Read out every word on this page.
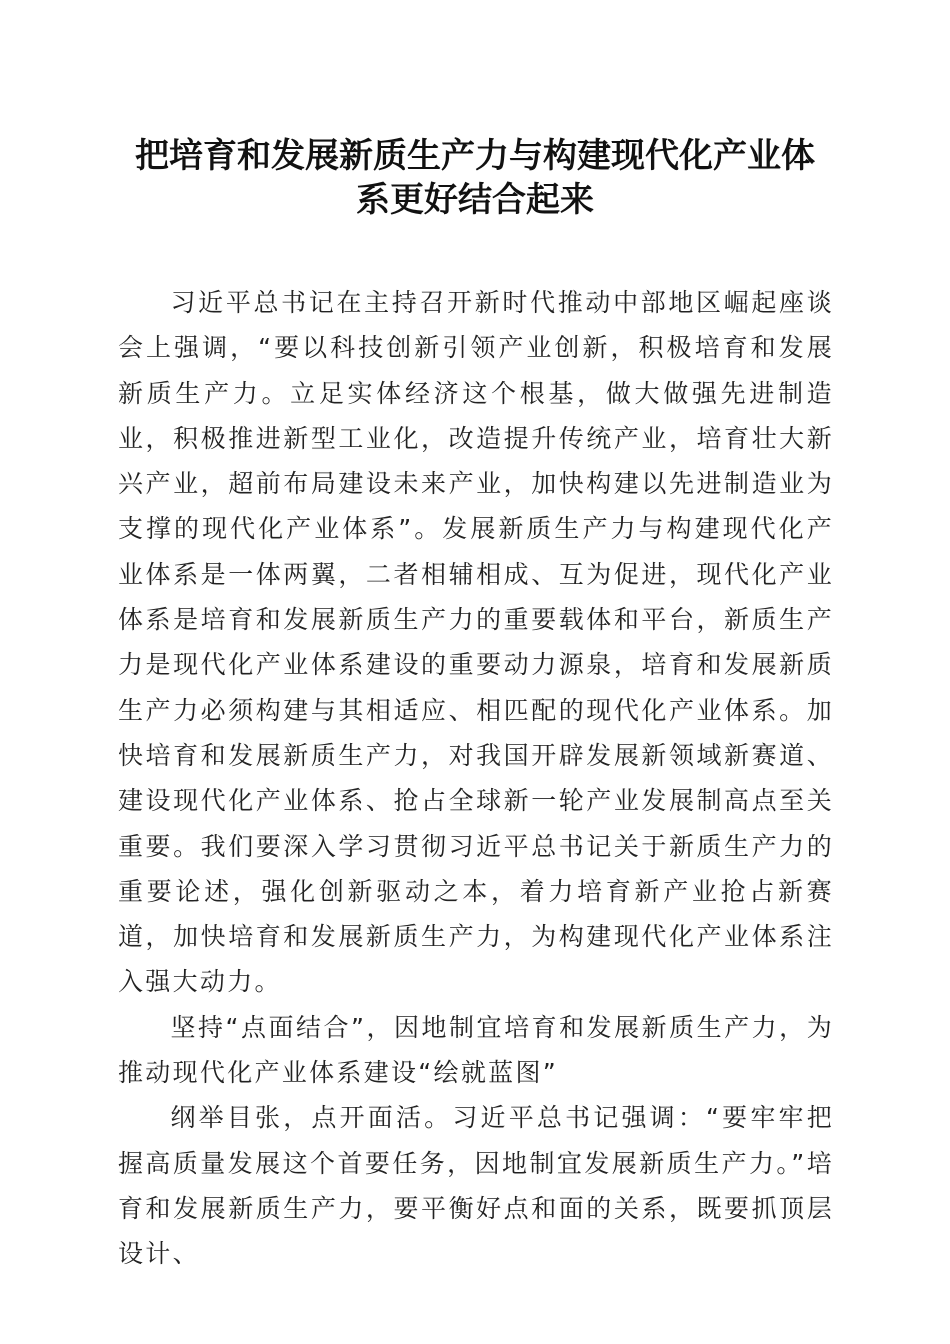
把培育和发展新质生产力与构建现代化产业体
系更好结合起来

习近平总书记在主持召开新时代推动中部地区崛起座谈会上强调，“要以科技创新引领产业创新，积极培育和发展新质生产力。立足实体经济这个根基，做大做强先进制造业，积极推进新型工业化，改造提升传统产业，培育壮大新兴产业，超前布局建设未来产业，加快构建以先进制造业为支撑的现代化产业体系”。发展新质生产力与构建现代化产业体系是一体两翼，二者相辅相成、互为促进，现代化产业体系是培育和发展新质生产力的重要载体和平台，新质生产力是现代化产业体系建设的重要动力源泉，培育和发展新质生产力必须构建与其相适应、相匹配的现代化产业体系。加快培育和发展新质生产力，对我国开辟发展新领域新赛道、建设现代化产业体系、抢占全球新一轮产业发展制高点至关重要。我们要深入学习贯彻习近平总书记关于新质生产力的重要论述，强化创新驱动之本，着力培育新产业抢占新赛道，加快培育和发展新质生产力，为构建现代化产业体系注入强大动力。

坚持“点面结合”，因地制宜培育和发展新质生产力，为推动现代化产业体系建设“绘就蓝图”

纲举目张，点开面活。习近平总书记强调：“要牢牢把握高质量发展这个首要任务，因地制宜发展新质生产力。”培育和发展新质生产力，要平衡好点和面的关系，既要抓顶层设计、
